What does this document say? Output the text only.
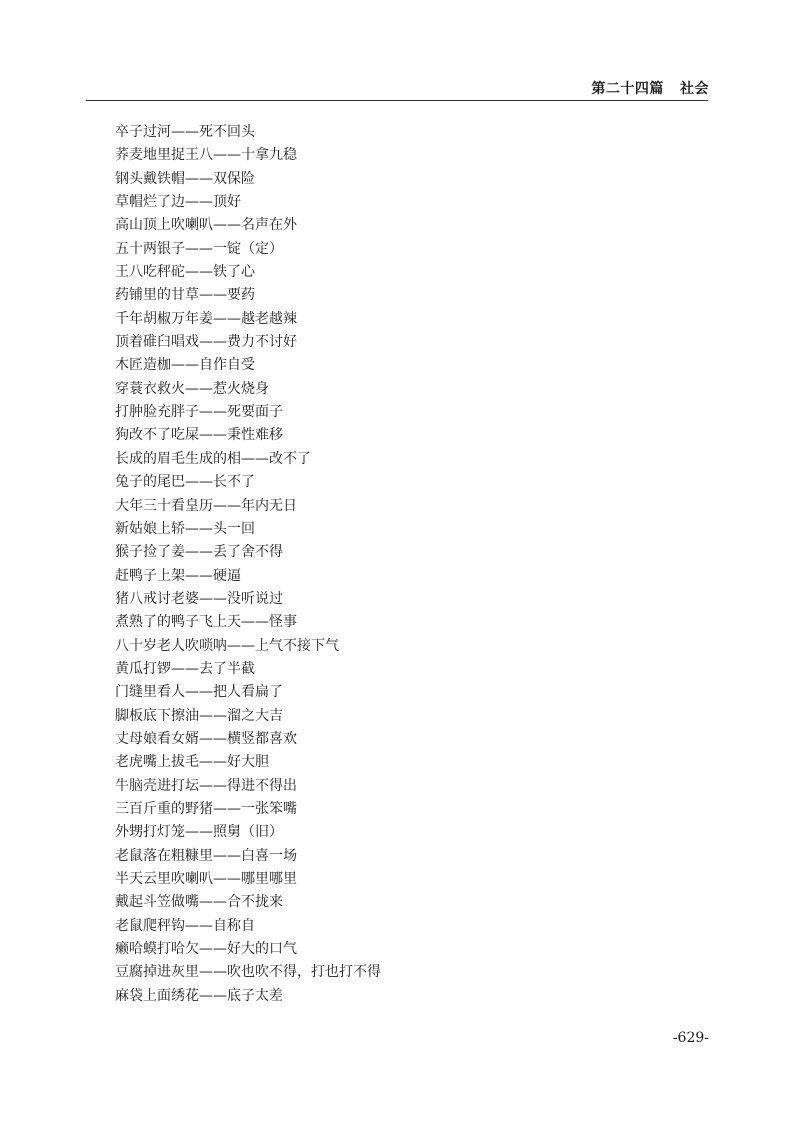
第二十四篇   社会
卒子过河——死不回头
荞麦地里捉王八——十拿九稳
钢头戴铁帽——双保险
草帽烂了边——顶好
高山顶上吹喇叭——名声在外
五十两银子——一锭（定）
王八吃秤砣——铁了心
药铺里的甘草——要药
千年胡椒万年姜——越老越辣
顶着碓臼唱戏——费力不讨好
木匠造枷——自作自受
穿蓑衣救火——惹火烧身
打肿脸充胖子——死要面子
狗改不了吃屎——秉性难移
长成的眉毛生成的相——改不了
兔子的尾巴——长不了
大年三十看皇历——年内无日
新姑娘上轿——头一回
猴子捡了姜——丢了舍不得
赶鸭子上架——硬逼
猪八戒讨老婆——没听说过
煮熟了的鸭子飞上天——怪事
八十岁老人吹唢呐——上气不接下气
黄瓜打锣——去了半截
门缝里看人——把人看扁了
脚板底下擦油——溜之大吉
丈母娘看女婿——横竖都喜欢
老虎嘴上拔毛——好大胆
牛脑壳进打坛——得进不得出
三百斤重的野猪——一张笨嘴
外甥打灯笼——照舅（旧）
老鼠落在粗糠里——白喜一场
半天云里吹喇叭——哪里哪里
戴起斗笠做嘴——合不拢来
老鼠爬秤钩——自称自
癞哈蟆打哈欠——好大的口气
豆腐掉进灰里——吹也吹不得，打也打不得
麻袋上面绣花——底子太差
-629-
